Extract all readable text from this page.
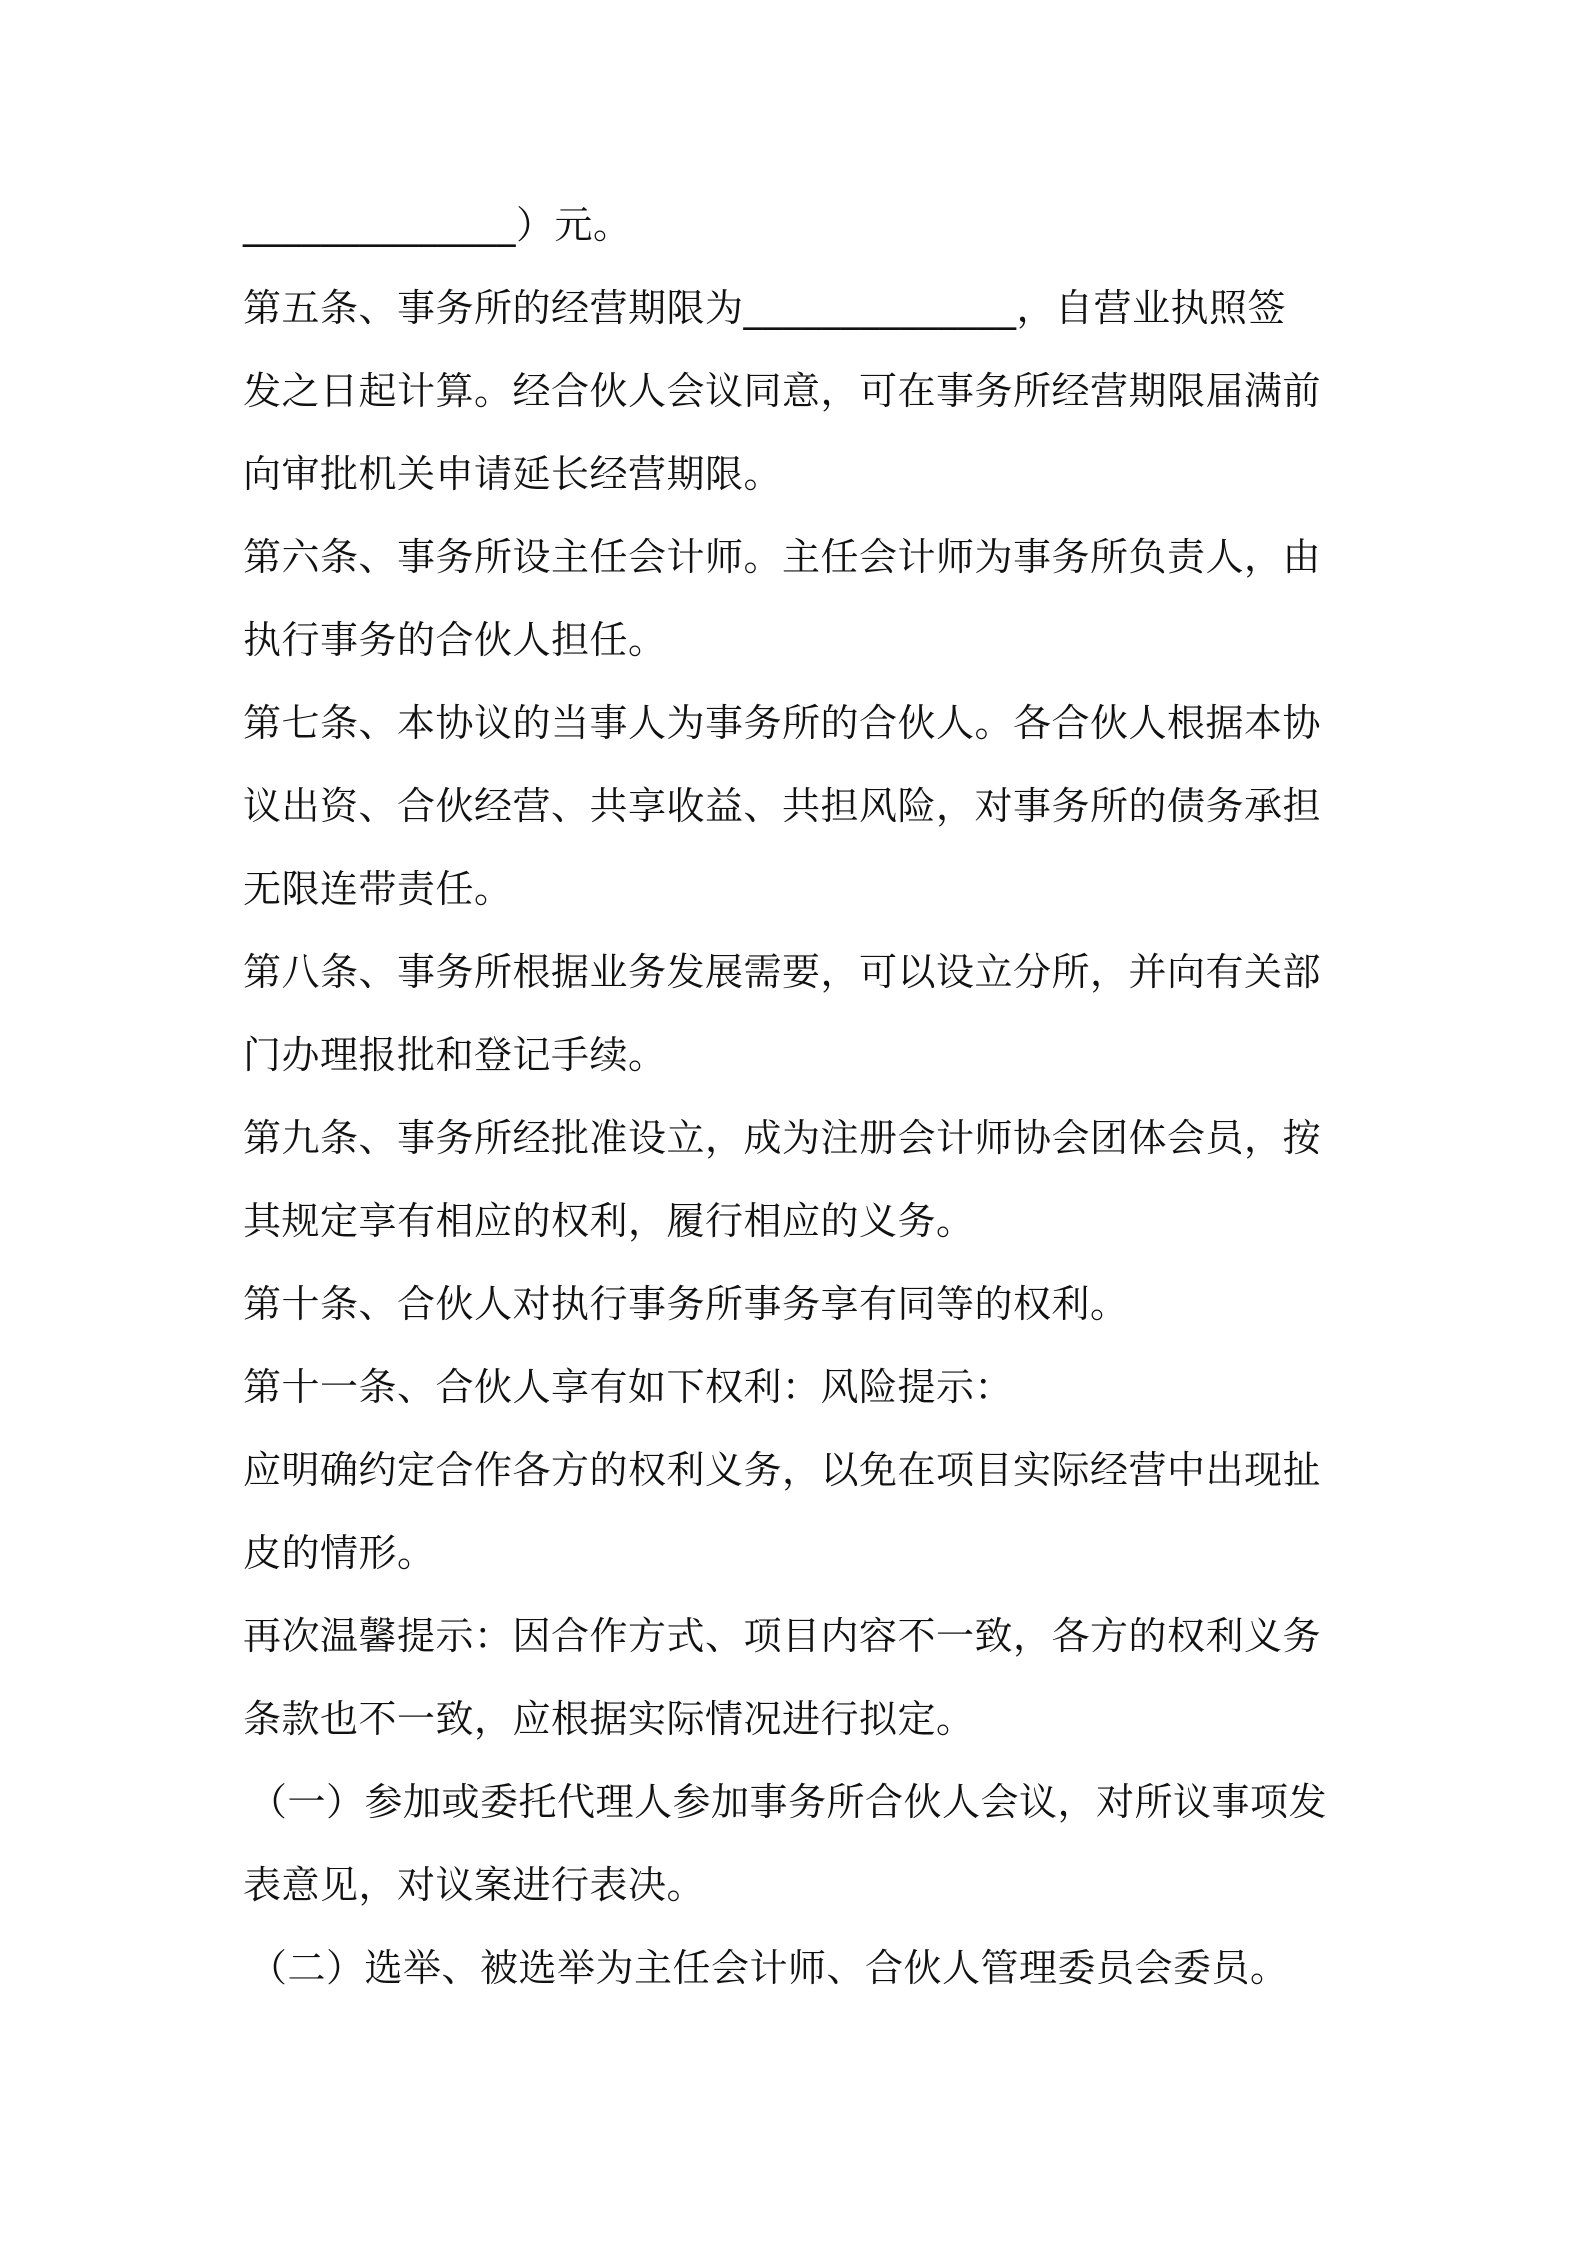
______________）元。
第五条、事务所的经营期限为______________，自营业执照签
发之日起计算。经合伙人会议同意，可在事务所经营期限届满前
向审批机关申请延长经营期限。
第六条、事务所设主任会计师。主任会计师为事务所负责人，由
执行事务的合伙人担任。
第七条、本协议的当事人为事务所的合伙人。各合伙人根据本协
议出资、合伙经营、共享收益、共担风险，对事务所的债务承担
无限连带责任。
第八条、事务所根据业务发展需要，可以设立分所，并向有关部
门办理报批和登记手续。
第九条、事务所经批准设立，成为注册会计师协会团体会员，按
其规定享有相应的权利，履行相应的义务。
第十条、合伙人对执行事务所事务享有同等的权利。
第十一条、合伙人享有如下权利：风险提示：
应明确约定合作各方的权利义务，以免在项目实际经营中出现扯
皮的情形。
再次温馨提示：因合作方式、项目内容不一致，各方的权利义务
条款也不一致，应根据实际情况进行拟定。
（一）参加或委托代理人参加事务所合伙人会议，对所议事项发
表意见，对议案进行表决。
（二）选举、被选举为主任会计师、合伙人管理委员会委员。
